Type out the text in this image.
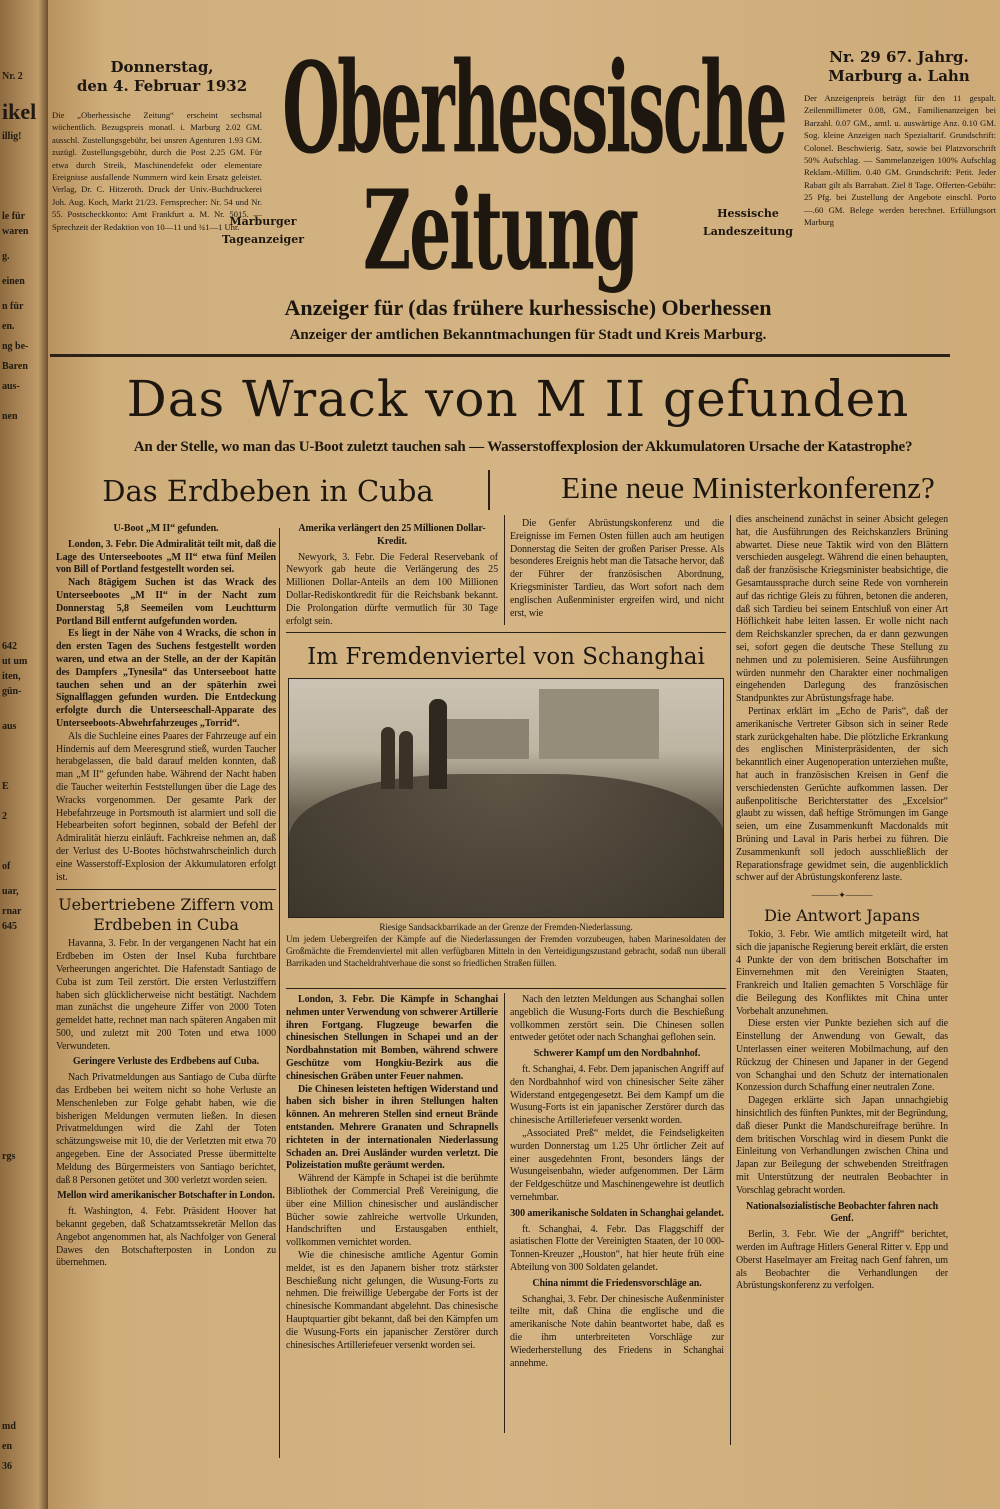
Nr. 2
ikel
illig!
le für
waren
g.
einen
n für
en.
ng be-
Baren
aus-
nen
642
ut um
iten,
gün-
aus
E
2
of
uar,
rnar
645
rgs
md
en
36
Donnerstag,
den 4. Februar 1932
Die „Oberhessische Zeitung“ erscheint sechsmal wöchentlich. Bezugspreis monatl. i. Marburg 2.02 GM. ausschl. Zustellungsgebühr, bei unsren Agenturen 1.93 GM. zuzügl. Zustellungsgebühr, durch die Post 2.25 GM. Für etwa durch Streik, Maschinendefekt oder elementare Ereignisse ausfallende Nummern wird kein Ersatz geleistet. Verlag, Dr. C. Hitzeroth. Druck der Univ.-Buchdruckerei Joh. Aug. Koch, Markt 21/23. Fernsprecher: Nr. 54 und Nr. 55. Postscheckkonto: Amt Frankfurt a. M. Nr. 5015. — Sprechzeit der Redaktion von 10—11 und ¾1—1 Uhr.
Oberhessische
Zeitung
Marburger
Tageanzeiger
Hessische
Landeszeitung
Nr. 29 67. Jahrg.
Marburg a. Lahn
Der Anzeigenpreis beträgt für den 11 gespalt. Zeilenmillimeter 0.08, GM., Familienanzeigen bei Barzahl. 0.07 GM., amtl. u. auswärtige Anz. 0.10 GM. Sog. kleine Anzeigen nach Spezialtarif. Grundschrift: Colonel. Beschwierig. Satz, sowie bei Platzvorschrift 50% Aufschlag. — Sammelanzeigen 100% Aufschlag Reklam.-Millim. 0.40 GM. Grundschrift: Petit. Jeder Rabatt gilt als Barrabatt. Ziel 8 Tage. Offerten-Gebühr: 25 Pfg. bei Zustellung der Angebote einschl. Porto —.60 GM. Belege werden berechnet. Erfüllungsort Marburg
Anzeiger für (das frühere kurhessische) Oberhessen
Anzeiger der amtlichen Bekanntmachungen für Stadt und Kreis Marburg.
Das Wrack von M II gefunden
An der Stelle, wo man das U-Boot zuletzt tauchen sah — Wasserstoffexplosion der Akkumulatoren Ursache der Katastrophe?
Das Erdbeben in Cuba	Eine neue Ministerkonferenz?
U-Boot „M II“ gefunden.

London, 3. Febr. Die Admiralität teilt mit, daß die Lage des Unterseebootes „M II“ etwa fünf Meilen von Bill of Portland festgestellt worden sei.

Nach 8tägigem Suchen ist das Wrack des Unterseebootes „M II“ in der Nacht zum Donnerstag 5,8 Seemeilen vom Leuchtturm Portland Bill entfernt aufgefunden worden.

Es liegt in der Nähe von 4 Wracks, die schon in den ersten Tagen des Suchens festgestellt worden waren, und etwa an der Stelle, an der der Kapitän des Dampfers „Tynesila“ das Unterseeboot hatte tauchen sehen und an der späterhin zwei Signalflaggen gefunden wurden. Die Entdeckung erfolgte durch die Unterseeschall-Apparate des Unterseeboots-Abwehrfahrzeuges „Torrid“.

Als die Suchleine eines Paares der Fahrzeuge auf ein Hindernis auf dem Meeresgrund stieß, wurden Taucher herabgelassen, die bald darauf melden konnten, daß man „M II“ gefunden habe. Während der Nacht haben die Taucher weiterhin Feststellungen über die Lage des Wracks vorgenommen. Der gesamte Park der Hebefahrzeuge in Portsmouth ist alarmiert und soll die Hebearbeiten sofort beginnen, sobald der Befehl der Admiralität hierzu einläuft. Fachkreise nehmen an, daß der Verlust des U-Bootes höchstwahrscheinlich durch eine Wasserstoff-Explosion der Akkumulatoren erfolgt ist.

Uebertriebene Ziffern vom Erdbeben in Cuba

Havanna, 3. Febr. In der vergangenen Nacht hat ein Erdbeben im Osten der Insel Kuba furchtbare Verheerungen angerichtet. Die Hafenstadt Santiago de Cuba ist zum Teil zerstört. Die ersten Verlustziffern haben sich glücklicherweise nicht bestätigt. Nachdem man zunächst die ungeheure Ziffer von 2000 Toten gemeldet hatte, rechnet man nach späteren Angaben mit 500, und zuletzt mit 200 Toten und etwa 1000 Verwundeten.

Geringere Verluste des Erdbebens auf Cuba.

Nach Privatmeldungen aus Santiago de Cuba dürfte das Erdbeben bei weitem nicht so hohe Verluste an Menschenleben zur Folge gehabt haben, wie die bisherigen Meldungen vermuten ließen. In diesen Privatmeldungen wird die Zahl der Toten schätzungsweise mit 10, die der Verletzten mit etwa 70 angegeben. Eine der Associated Presse übermittelte Meldung des Bürgermeisters von Santiago berichtet, daß 8 Personen getötet und 300 verletzt worden seien.

Mellon wird amerikanischer Botschafter in London.

ft. Washington, 4. Febr. Präsident Hoover hat bekannt gegeben, daß Schatzamtssekretär Mellon das Angebot angenommen hat, als Nachfolger von General Dawes den Botschafterposten in London zu übernehmen.

Amerika verlängert den 25 Millionen Dollar-Kredit.

Newyork, 3. Febr. Die Federal Reservebank of Newyork gab heute die Verlängerung des 25 Millionen Dollar-Anteils an dem 100 Millionen Dollar-Rediskontkredit für die Reichsbank bekannt. Die Prolongation dürfte vermutlich für 30 Tage erfolgt sein.

Die Genfer Abrüstungskonferenz und die Ereignisse im Fernen Osten füllen auch am heutigen Donnerstag die Seiten der großen Pariser Presse. Als besonderes Ereignis hebt man die Tatsache hervor, daß der Führer der französischen Abordnung, Kriegsminister Tardieu, das Wort sofort nach dem englischen Außenminister ergreifen wird, und nicht erst, wie

Im Fremdenviertel von Schanghai
Riesige Sandsackbarrikade an der Grenze der Fremden-Niederlassung.
Um jedem Uebergreifen der Kämpfe auf die Niederlassungen der Fremden vorzubeugen, haben Marinesoldaten der Großmächte die Fremdenviertel mit allen verfügbaren Mitteln in den Verteidigungszustand gebracht, sodaß nun überall Barrikaden und Stacheldrahtverhaue die sonst so friedlichen Straßen füllen.

London, 3. Febr. Die Kämpfe in Schanghai nehmen unter Verwendung von schwerer Artillerie ihren Fortgang. Flugzeuge bewarfen die chinesischen Stellungen in Schapei und an der Nordbahnstation mit Bomben, während schwere Geschütze vom Hongkiu-Bezirk aus die chinesischen Gräben unter Feuer nahmen.

Die Chinesen leisteten heftigen Widerstand und haben sich bisher in ihren Stellungen halten können. An mehreren Stellen sind erneut Brände entstanden. Mehrere Granaten und Schrapnells richteten in der internationalen Niederlassung Schaden an. Drei Ausländer wurden verletzt. Die Polizeistation mußte geräumt werden.

Während der Kämpfe in Schapei ist die berühmte Bibliothek der Commercial Preß Vereinigung, die über eine Million chinesischer und ausländischer Bücher sowie zahlreiche wertvolle Urkunden, Handschriften und Erstausgaben enthielt, vollkommen vernichtet worden.

Wie die chinesische amtliche Agentur Gomin meldet, ist es den Japanern bisher trotz stärkster Beschießung nicht gelungen, die Wusung-Forts zu nehmen. Die freiwillige Uebergabe der Forts ist der chinesische Kommandant abgelehnt. Das chinesische Hauptquartier gibt bekannt, daß bei den Kämpfen um die Wusung-Forts ein japanischer Zerstörer durch chinesisches Artilleriefeuer versenkt worden sei.

Nach den letzten Meldungen aus Schanghai sollen angeblich die Wusung-Forts durch die Beschießung vollkommen zerstört sein. Die Chinesen sollen entweder getötet oder nach Schanghai geflohen sein.

Schwerer Kampf um den Nordbahnhof.

ft. Schanghai, 4. Febr. Dem japanischen Angriff auf den Nordbahnhof wird von chinesischer Seite zäher Widerstand entgegengesetzt. Bei dem Kampf um die Wusung-Forts ist ein japanischer Zerstörer durch das chinesische Artilleriefeuer versenkt worden.

„Associated Preß“ meldet, die Feindseligkeiten wurden Donnerstag um 1.25 Uhr örtlicher Zeit auf einer ausgedehnten Front, besonders längs der Wusungeisenbahn, wieder aufgenommen. Der Lärm der Feldgeschütze und Maschinengewehre ist deutlich vernehmbar.

300 amerikanische Soldaten in Schanghai gelandet.

ft. Schanghai, 4. Febr. Das Flaggschiff der asiatischen Flotte der Vereinigten Staaten, der 10 000-Tonnen-Kreuzer „Houston“, hat hier heute früh eine Abteilung von 300 Soldaten gelandet.

China nimmt die Friedensvorschläge an.

Schanghai, 3. Febr. Der chinesische Außenminister teilte mit, daß China die englische und die amerikanische Note dahin beantwortet habe, daß es die ihm unterbreiteten Vorschläge zur Wiederherstellung des Friedens in Schanghai annehme.

dies anscheinend zunächst in seiner Absicht gelegen hat, die Ausführungen des Reichskanzlers Brüning abwartet. Diese neue Taktik wird von den Blättern verschieden ausgelegt. Während die einen behaupten, daß der französische Kriegsminister beabsichtige, die Gesamtaussprache durch seine Rede von vornherein auf das richtige Gleis zu führen, betonen die anderen, daß sich Tardieu bei seinem Entschluß von einer Art Höflichkeit habe leiten lassen. Er wolle nicht nach dem Reichskanzler sprechen, da er dann gezwungen sei, sofort gegen die deutsche These Stellung zu nehmen und zu polemisieren. Seine Ausführungen würden nunmehr den Charakter einer nochmaligen eingehenden Darlegung des französischen Standpunktes zur Abrüstungsfrage habe.

Pertinax erklärt im „Echo de Paris“, daß der amerikanische Vertreter Gibson sich in seiner Rede stark zurückgehalten habe. Die plötzliche Erkrankung des englischen Ministerpräsidenten, der sich bekanntlich einer Augenoperation unterziehen mußte, hat auch in französischen Kreisen in Genf die verschiedensten Gerüchte aufkommen lassen. Der außenpolitische Berichterstatter des „Excelsior“ glaubt zu wissen, daß heftige Strömungen im Gange seien, um eine Zusammenkunft Macdonalds mit Brüning und Laval in Paris herbei zu führen. Die Zusammenkunft soll jedoch ausschließlich der Reparationsfrage gewidmet sein, die augenblicklich schwer auf der Abrüstungskonferenz laste.

———✦———
Die Antwort Japans

Tokio, 3. Febr. Wie amtlich mitgeteilt wird, hat sich die japanische Regierung bereit erklärt, die ersten 4 Punkte der von dem britischen Botschafter im Einvernehmen mit den Vereinigten Staaten, Frankreich und Italien gemachten 5 Vorschläge für die Beilegung des Konfliktes mit China unter Vorbehalt anzunehmen.

Diese ersten vier Punkte beziehen sich auf die Einstellung der Anwendung von Gewalt, das Unterlassen einer weiteren Mobilmachung, auf den Rückzug der Chinesen und Japaner in der Gegend von Schanghai und den Schutz der internationalen Konzession durch Schaffung einer neutralen Zone.

Dagegen erklärte sich Japan unnachgiebig hinsichtlich des fünften Punktes, mit der Begründung, daß dieser Punkt die Mandschureifrage berühre. In dem britischen Vorschlag wird in diesem Punkt die Einleitung von Verhandlungen zwischen China und Japan zur Beilegung der schwebenden Streitfragen mit Unterstützung der neutralen Beobachter in Vorschlag gebracht worden.

Nationalsozialistische Beobachter fahren nach Genf.

Berlin, 3. Febr. Wie der „Angriff“ berichtet, werden im Auftrage Hitlers General Ritter v. Epp und Oberst Haselmayer am Freitag nach Genf fahren, um als Beobachter die Verhandlungen der Abrüstungskonferenz zu verfolgen.
